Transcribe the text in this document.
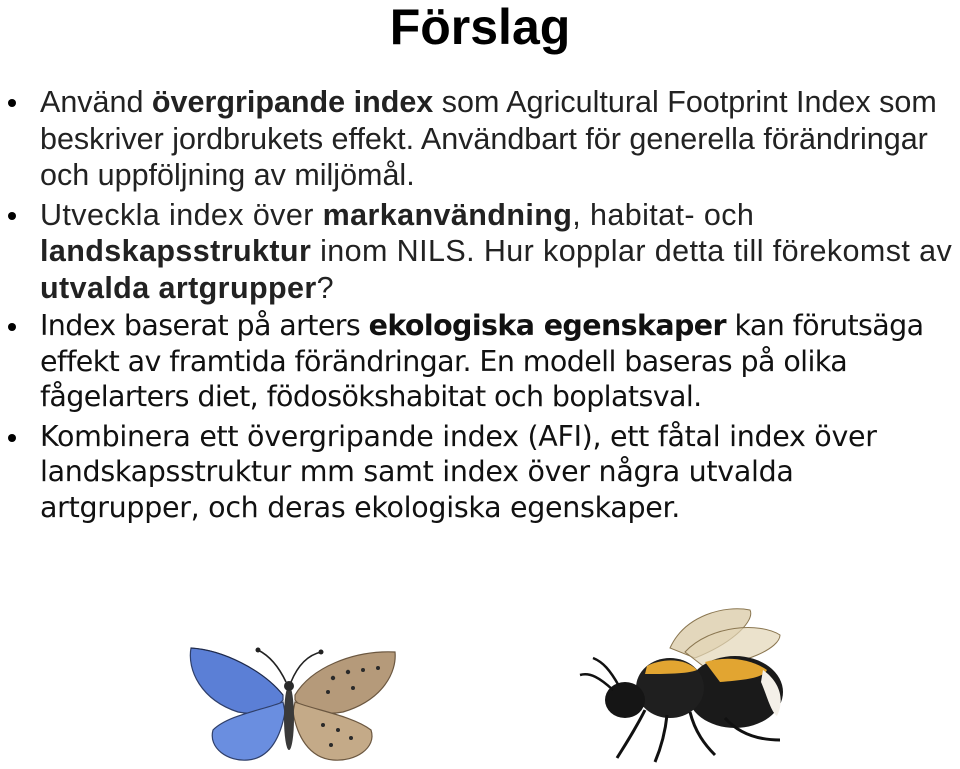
Förslag
Använd övergripande index som Agricultural Footprint Index som beskriver jordbrukets effekt. Användbart för generella förändringar och uppföljning av miljömål.
Utveckla index över markanvändning, habitat- och landskapsstruktur inom NILS. Hur kopplar detta till förekomst av utvalda artgrupper?
Index baserat på arters ekologiska egenskaper kan förutsäga effekt av framtida förändringar. En modell baseras på olika fågelarters diet, födosökshabitat och boplatsval.
Kombinera ett övergripande index (AFI), ett fåtal index över landskapsstruktur mm samt index över några utvalda artgrupper, och deras ekologiska egenskaper.
